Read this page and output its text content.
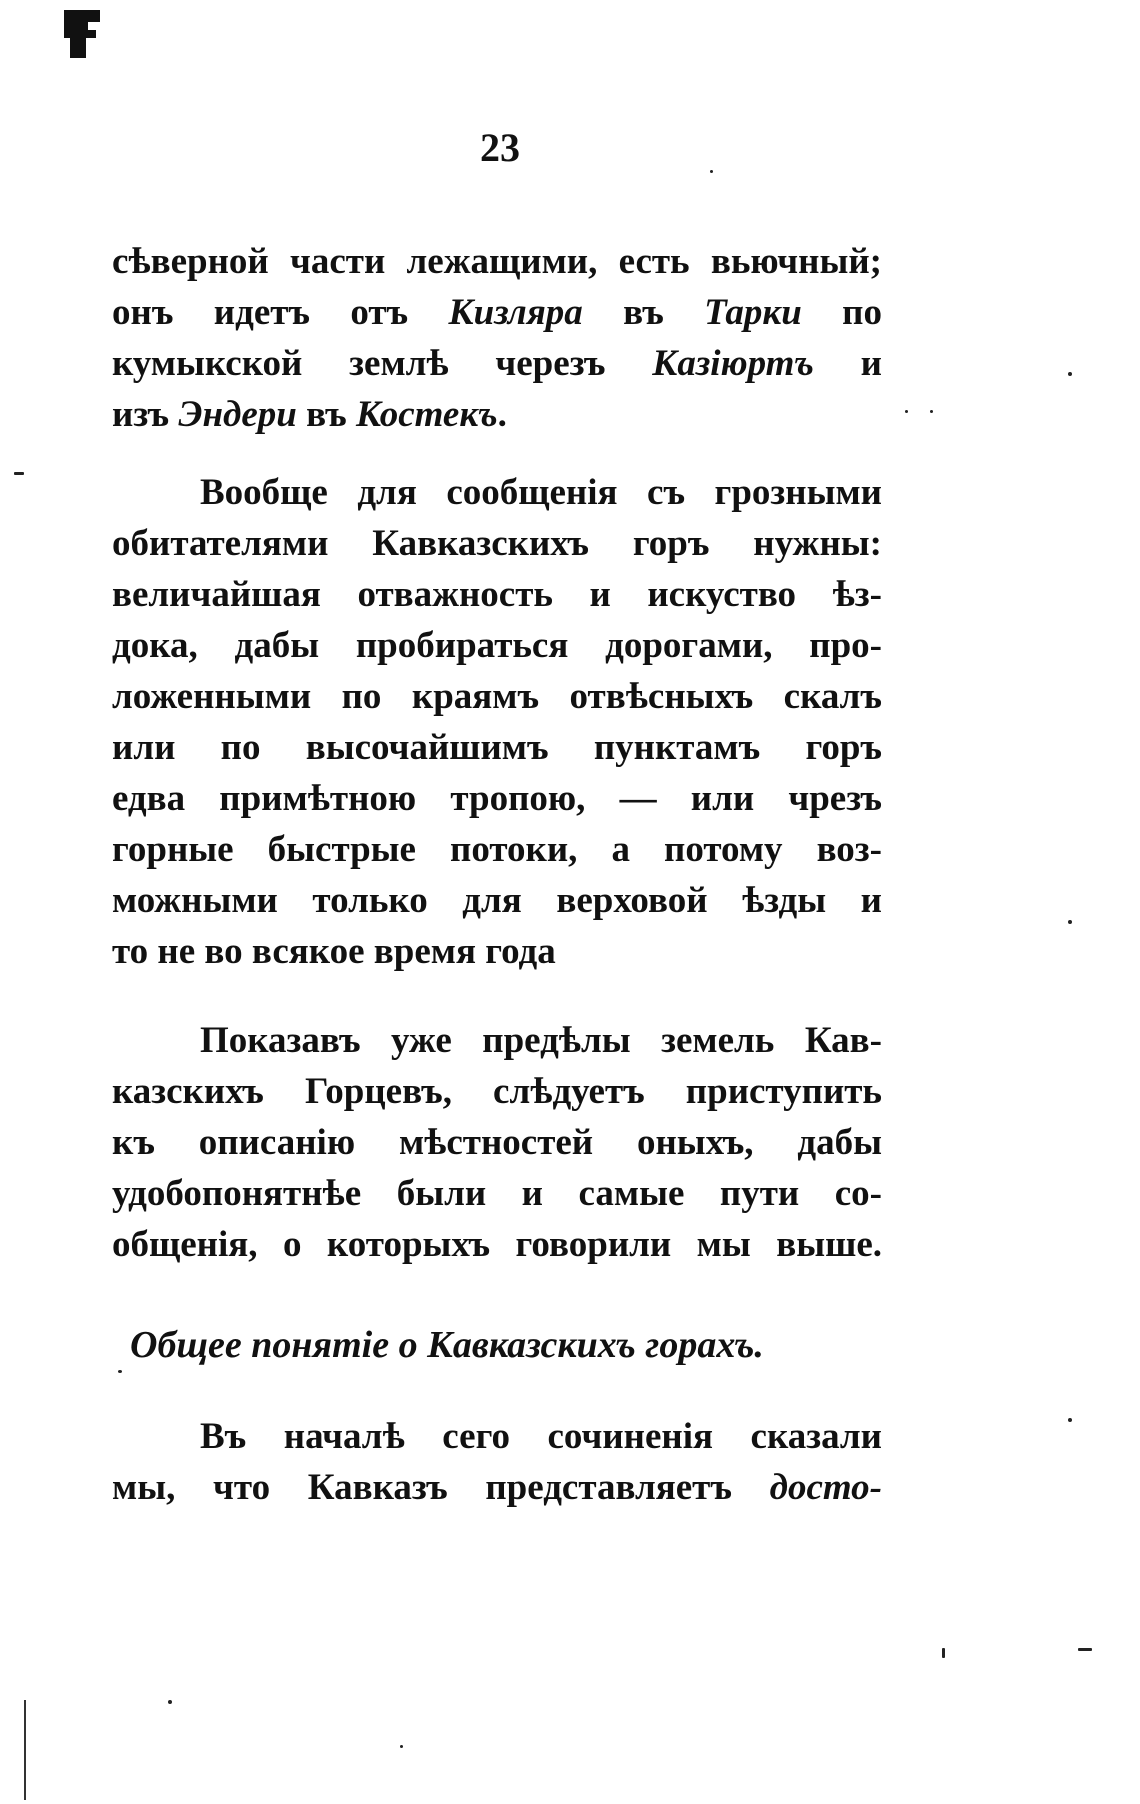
23
сѣверной части лежащими, есть вьючный;
онъ идетъ отъ Кизляра въ Тарки по
кумыкской землѣ черезъ Казіюртъ и
изъ Эндери въ Костекъ.
Вообще для сообщенія съ грозными
обитателями Кавказскихъ горъ нужны:
величайшая отважность и искуство ѣз-
дока, дабы пробираться дорогами, про-
ложенными по краямъ отвѣсныхъ скалъ
или по высочайшимъ пунктамъ горъ
едва примѣтною тропою, — или чрезъ
горные быстрые потоки, а потому воз-
можными только для верховой ѣзды и
то не во всякое время года
Показавъ уже предѣлы земель Кав-
казскихъ Горцевъ, слѣдуетъ приступить
къ описанію мѣстностей оныхъ, дабы
удобопонятнѣе были и самые пути со-
общенія, о которыхъ говорили мы выше.
Общее понятіе о Кавказскихъ горахъ.
Въ началѣ сего сочиненія сказали
мы, что Кавказъ представляетъ досто-
